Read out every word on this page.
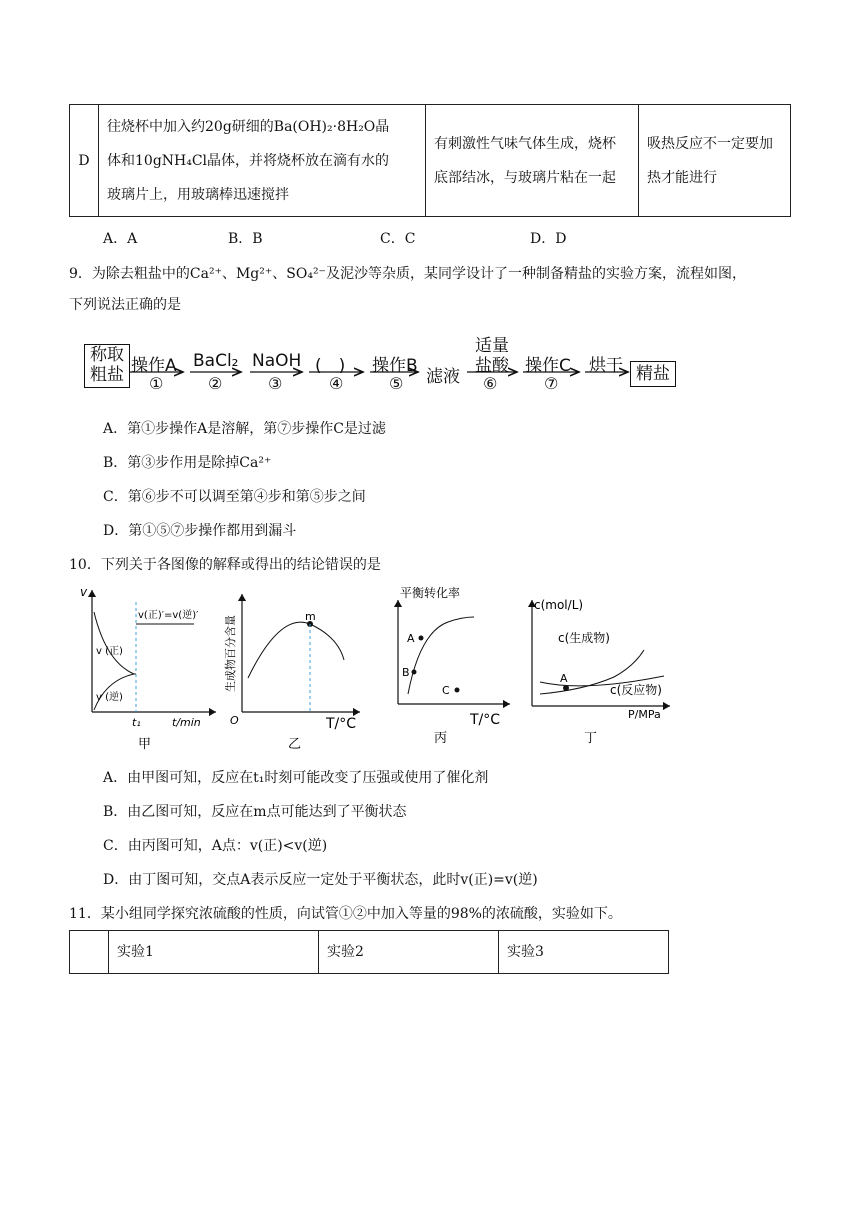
D	
往烧杯中加入约20g研细的Ba(OH)₂·8H₂O晶
体和10gNH₄Cl晶体，并将烧杯放在滴有水的
玻璃片上，用玻璃棒迅速搅拌

有刺激性气味气体生成，烧杯
底部结冰，与玻璃片粘在一起

吸热反应不一定要加
热才能进行
A．A	B．B	C．C	D．D
9．为除去粗盐中的Ca²⁺、Mg²⁺、SO₄²⁻及泥沙等杂质，某同学设计了一种制备精盐的实验方案，流程如图，
下列说法正确的是
称取
粗盐 操作A
①
BaCl₂
②
NaOH
③
(　)
④
操作B
⑤ 滤液
适量
盐酸
⑥
操作C
⑦
烘干 精盐
A．第①步操作A是溶解，第⑦步操作C是过滤
B．第③步作用是除掉Ca²⁺
C．第⑥步不可以调至第④步和第⑤步之间
D．第①⑤⑦步操作都用到漏斗
10．下列关于各图像的解释或得出的结论错误的是
v
v(正)′=v(逆)′
v (正)
v (逆)
t₁	t/min
甲
生成物百分含量	m
O	T/°C
乙
平衡转化率
A
B
C
T/°C
丙
c(mol/L)
A
c(生成物)
c(反应物)
P/MPa
丁
A．由甲图可知，反应在t₁时刻可能改变了压强或使用了催化剂
B．由乙图可知，反应在m点可能达到了平衡状态
C．由丙图可知，A点：v(正)<v(逆)
D．由丁图可知，交点A表示反应一定处于平衡状态，此时v(正)=v(逆)
11．某小组同学探究浓硫酸的性质，向试管①②中加入等量的98%的浓硫酸，实验如下。
	实验1	实验2	实验3
